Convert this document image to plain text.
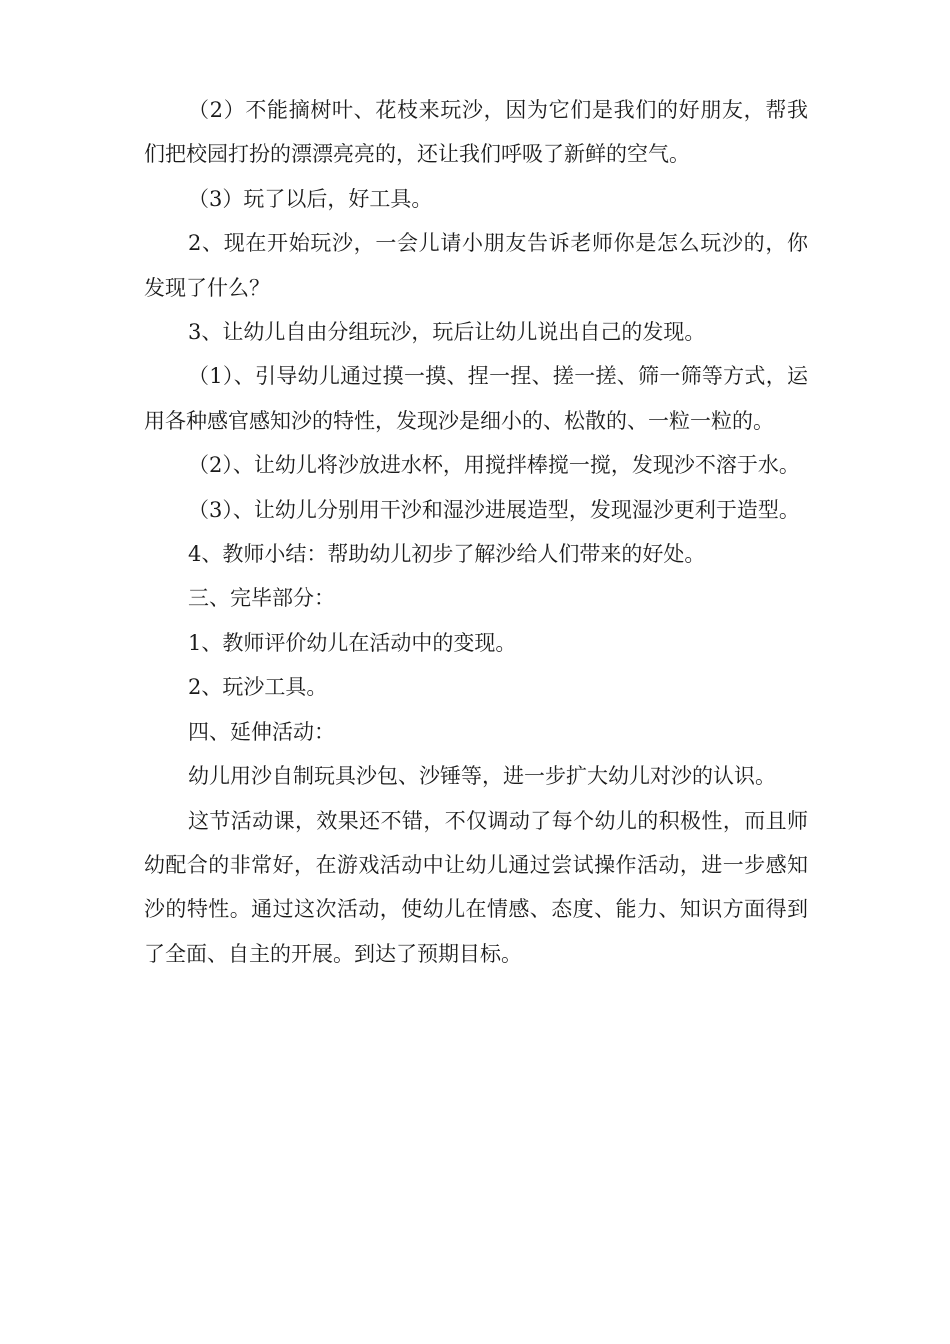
（2）不能摘树叶、花枝来玩沙，因为它们是我们的好朋友，帮我们把校园打扮的漂漂亮亮的，还让我们呼吸了新鲜的空气。

（3）玩了以后，好工具。

2、现在开始玩沙，一会儿请小朋友告诉老师你是怎么玩沙的，你发现了什么？

3、让幼儿自由分组玩沙，玩后让幼儿说出自己的发现。

（1）、引导幼儿通过摸一摸、捏一捏、搓一搓、筛一筛等方式，运用各种感官感知沙的特性，发现沙是细小的、松散的、一粒一粒的。

（2）、让幼儿将沙放进水杯，用搅拌棒搅一搅，发现沙不溶于水。

（3）、让幼儿分别用干沙和湿沙进展造型，发现湿沙更利于造型。

4、教师小结：帮助幼儿初步了解沙给人们带来的好处。

三、完毕部分：

1、教师评价幼儿在活动中的变现。

2、玩沙工具。

四、延伸活动：

幼儿用沙自制玩具沙包、沙锤等，进一步扩大幼儿对沙的认识。

这节活动课，效果还不错，不仅调动了每个幼儿的积极性，而且师幼配合的非常好，在游戏活动中让幼儿通过尝试操作活动，进一步感知沙的特性。通过这次活动，使幼儿在情感、态度、能力、知识方面得到了全面、自主的开展。到达了预期目标。
